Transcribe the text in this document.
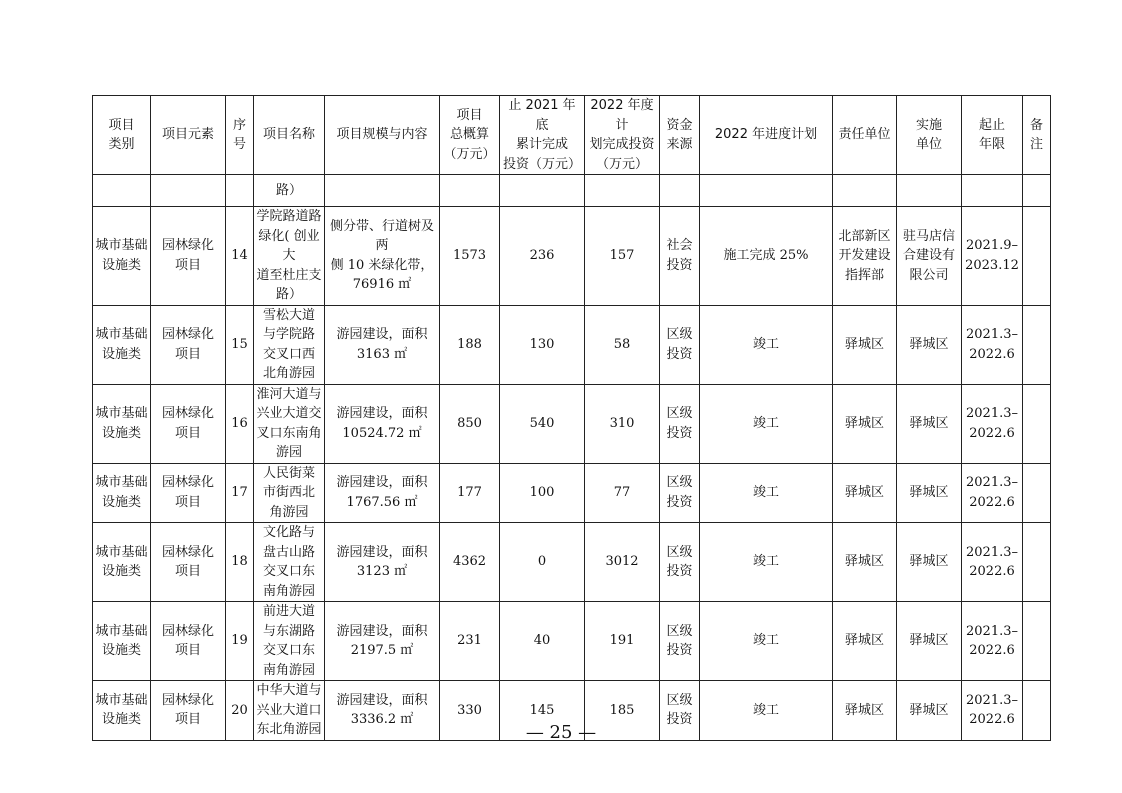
项目
类别	项目元素	序号	项目名称	项目规模与内容	项目
总概算
（万元）	止 2021 年底
累计完成
投资（万元）	2022 年度计
划完成投资
（万元）	资金
来源	2022 年进度计划	责任单位	实施
单位	起止
年限	备
注
			路）										
城市基础
设施类	园林绿化
项目	14	学院路道路
绿化( 创业大
道至杜庄支
路）	侧分带、行道树及两
侧 10 米绿化带，
76916 ㎡	1573	236	157	社会
投资	施工完成 25%	北部新区
开发建设
指挥部	驻马店信
合建设有
限公司	2021.9–
2023.12	
城市基础
设施类	园林绿化
项目	15	雪松大道
与学院路
交叉口西
北角游园	游园建设，面积
3163 ㎡	188	130	58	区级
投资	竣工	驿城区	驿城区	2021.3–
2022.6	
城市基础
设施类	园林绿化
项目	16	淮河大道与
兴业大道交
叉口东南角
游园	游园建设，面积
10524.72 ㎡	850	540	310	区级
投资	竣工	驿城区	驿城区	2021.3–
2022.6	
城市基础
设施类	园林绿化
项目	17	人民街菜
市街西北
角游园	游园建设，面积
1767.56 ㎡	177	100	77	区级
投资	竣工	驿城区	驿城区	2021.3–
2022.6	
城市基础
设施类	园林绿化
项目	18	文化路与
盘古山路
交叉口东
南角游园	游园建设，面积
3123 ㎡	4362	0	3012	区级
投资	竣工	驿城区	驿城区	2021.3–
2022.6	
城市基础
设施类	园林绿化
项目	19	前进大道
与东湖路
交叉口东
南角游园	游园建设，面积
2197.5 ㎡	231	40	191	区级
投资	竣工	驿城区	驿城区	2021.3–
2022.6	
城市基础
设施类	园林绿化
项目	20	中华大道与
兴业大道口
东北角游园	游园建设，面积
3336.2 ㎡	330	145	185	区级
投资	竣工	驿城区	驿城区	2021.3–
2022.6	
— 25 —
